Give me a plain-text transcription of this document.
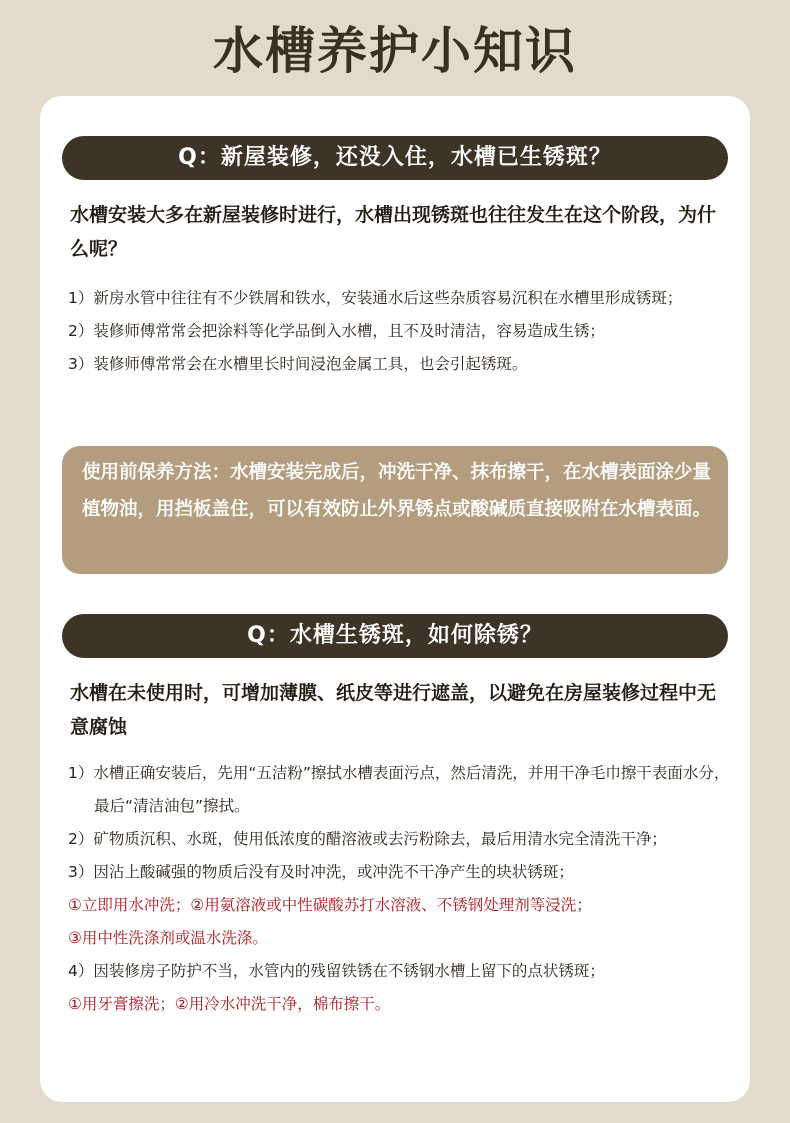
水槽养护小知识
Q：新屋装修，还没入住，水槽已生锈斑？
水槽安装大多在新屋装修时进行，水槽出现锈斑也往往发生在这个阶段，为什么呢？
1）新房水管中往往有不少铁屑和铁水，安装通水后这些杂质容易沉积在水槽里形成锈斑；
2）装修师傅常常会把涂料等化学品倒入水槽，且不及时清洁，容易造成生锈；
3）装修师傅常常会在水槽里长时间浸泡金属工具，也会引起锈斑。
使用前保养方法：水槽安装完成后，冲洗干净、抹布擦干，在水槽表面涂少量植物油，用挡板盖住，可以有效防止外界锈点或酸碱质直接吸附在水槽表面。
Q：水槽生锈斑，如何除锈？
水槽在未使用时，可增加薄膜、纸皮等进行遮盖，以避免在房屋装修过程中无意腐蚀
1）水槽正确安装后，先用“五洁粉”擦拭水槽表面污点，然后清洗，并用干净毛巾擦干表面水分，最后“清洁油包”擦拭。
2）矿物质沉积、水斑，使用低浓度的醋溶液或去污粉除去，最后用清水完全清洗干净；
3）因沾上酸碱强的物质后没有及时冲洗，或冲洗不干净产生的块状锈斑；
①立即用水冲洗；②用氨溶液或中性碳酸苏打水溶液、不锈钢处理剂等浸洗；
③用中性洗涤剂或温水洗涤。
4）因装修房子防护不当，水管内的残留铁锈在不锈钢水槽上留下的点状锈斑；
①用牙膏擦洗；②用冷水冲洗干净，棉布擦干。
